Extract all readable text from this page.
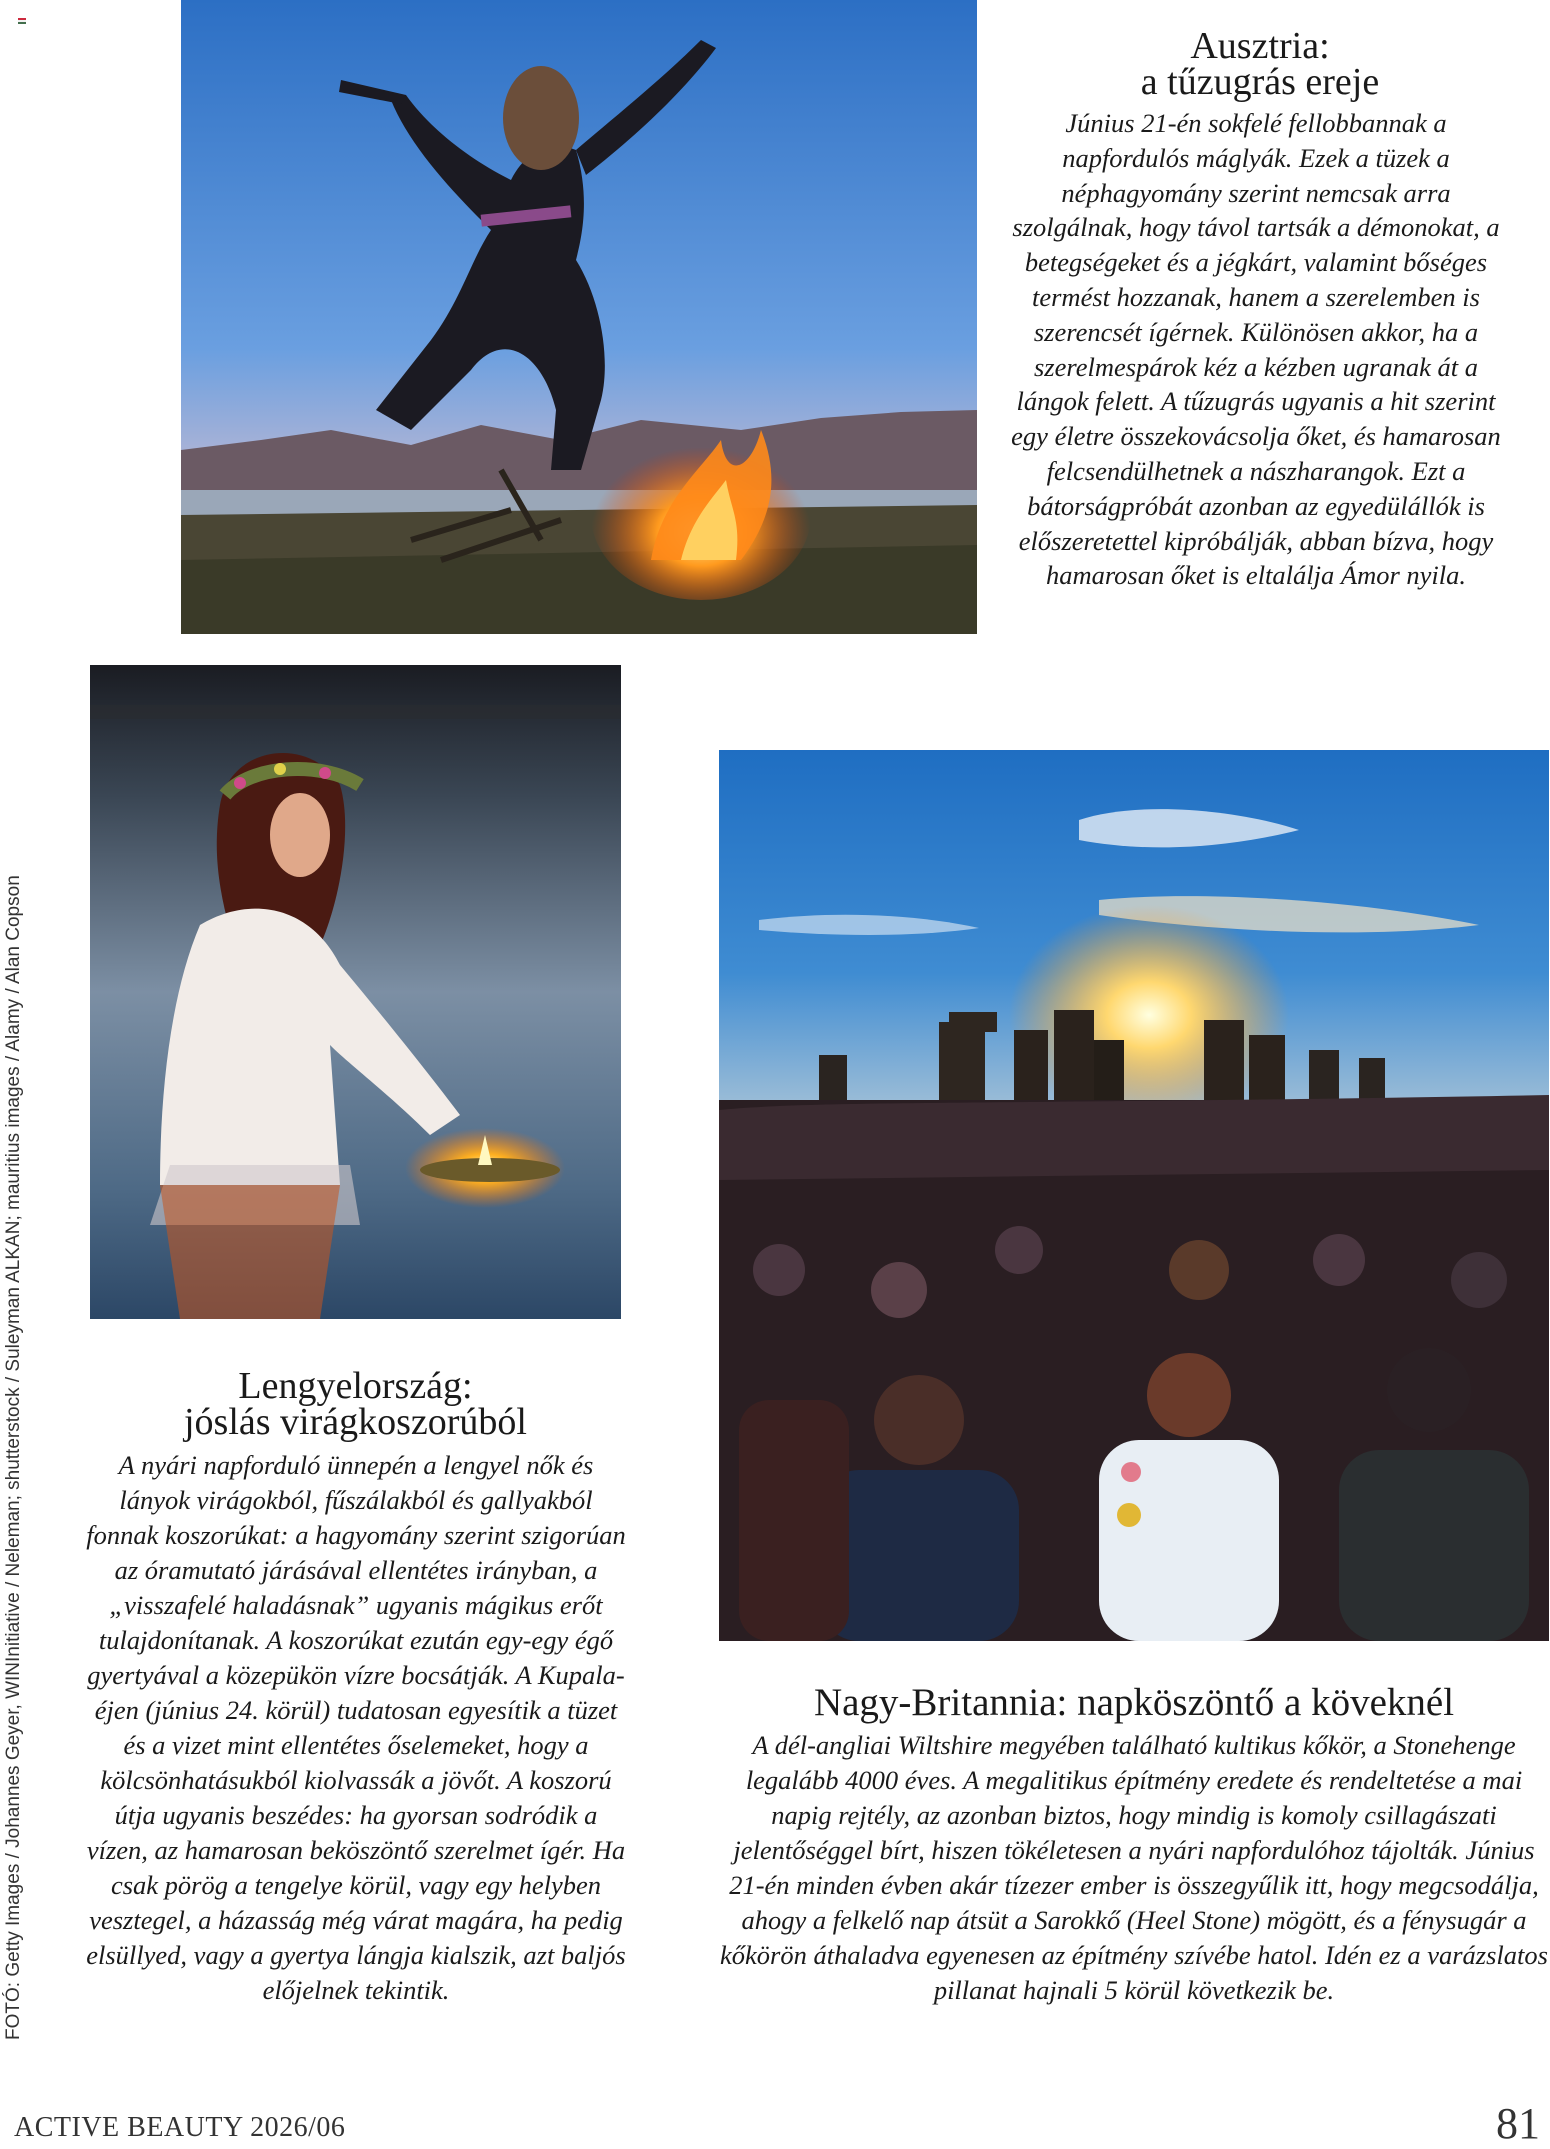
Ausztria:
a tűzugrás ereje

Június 21-én sokfelé fellobbannak a napfordulós máglyák. Ezek a tüzek a néphagyomány szerint nemcsak arra szolgálnak, hogy távol tartsák a démonokat, a betegségeket és a jégkárt, valamint bőséges termést hozzanak, hanem a szerelemben is szerencsét ígérnek. Különösen akkor, ha a szerelmespárok kéz a kézben ugranak át a lángok felett. A tűzugrás ugyanis a hit szerint egy életre összekovácsolja őket, és hamarosan felcsendülhetnek a nászharangok. Ezt a bátorságpróbát azonban az egyedülállók is előszeretettel kipróbálják, abban bízva, hogy hamarosan őket is eltalálja Ámor nyila.

Lengyelország:
jóslás virágkoszorúból

A nyári napforduló ünnepén a lengyel nők és lányok virágokból, fűszálakból és gallyakból fonnak koszorúkat: a hagyomány szerint szigorúan az óramutató járásával ellentétes irányban, a „visszafelé haladásnak” ugyanis mágikus erőt tulajdonítanak. A koszorúkat ezután egy-egy égő gyertyával a közepükön vízre bocsátják. A Kupala-éjen (június 24. körül) tudatosan egyesítik a tüzet és a vizet mint ellentétes őselemeket, hogy a kölcsönhatásukból kiolvassák a jövőt. A koszorú útja ugyanis beszédes: ha gyorsan sodródik a vízen, az hamarosan beköszöntő szerelmet ígér. Ha csak pörög a tengelye körül, vagy egy helyben vesztegel, a házasság még várat magára, ha pedig elsüllyed, vagy a gyertya lángja kialszik, azt baljós előjelnek tekintik.

Nagy-Britannia: napköszöntő a köveknél

A dél-angliai Wiltshire megyében található kultikus kőkör, a Stonehenge legalább 4000 éves. A megalitikus építmény eredete és rendeltetése a mai napig rejtély, az azonban biztos, hogy mindig is komoly csillagászati jelentőséggel bírt, hiszen tökéletesen a nyári napfordulóhoz tájolták. Június 21-én minden évben akár tízezer ember is összegyűlik itt, hogy megcsodálja, ahogy a felkelő nap átsüt a Sarokkő (Heel Stone) mögött, és a fénysugár a kőkörön áthaladva egyenesen az építmény szívébe hatol. Idén ez a varázslatos pillanat hajnali 5 körül következik be.

FOTÓ: Getty Images / Johannes Geyer, WINInitiative / Neleman; shutterstock / Suleyman ALKAN; mauritius images / Alamy / Alan Copson
ACTIVE BEAUTY 2026/06	81
